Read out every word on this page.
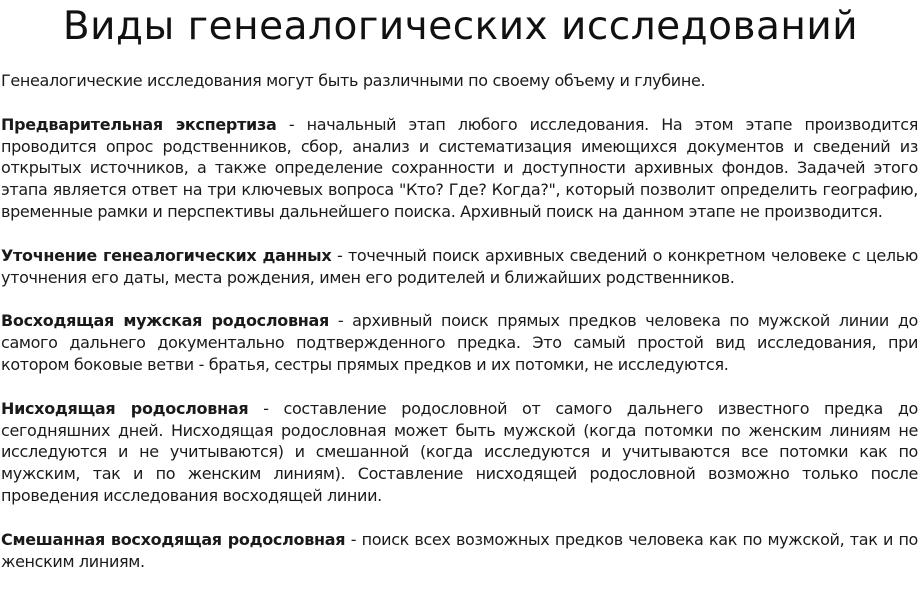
Виды генеалогических исследований

Генеалогические исследования могут быть различными по своему объему и глубине.

Предварительная экспертиза - начальный этап любого исследования. На этом этапе производится проводится опрос родственников, сбор, анализ и систематизация имеющихся документов и сведений из открытых источников, а также определение сохранности и доступности архивных фондов. Задачей этого этапа является ответ на три ключевых вопроса "Кто? Где? Когда?", который позволит определить географию, временные рамки и перспективы дальнейшего поиска. Архивный поиск на данном этапе не производится.

Уточнение генеалогических данных - точечный поиск архивных сведений о конкретном человеке с целью уточнения его даты, места рождения, имен его родителей и ближайших родственников.

Восходящая мужская родословная - архивный поиск прямых предков человека по мужской линии до самого дальнего документально подтвержденного предка. Это самый простой вид исследования, при котором боковые ветви - братья, сестры прямых предков и их потомки, не исследуются.

Нисходящая родословная - составление родословной от самого дальнего известного предка до сегодняшних дней. Нисходящая родословная может быть мужской (когда потомки по женским линиям не исследуются и не учитываются) и смешанной (когда исследуются и учитываются все потомки как по мужским, так и по женским линиям). Составление нисходящей родословной возможно только после проведения исследования восходящей линии.

Смешанная восходящая родословная - поиск всех возможных предков человека как по мужской, так и по женским линиям.
